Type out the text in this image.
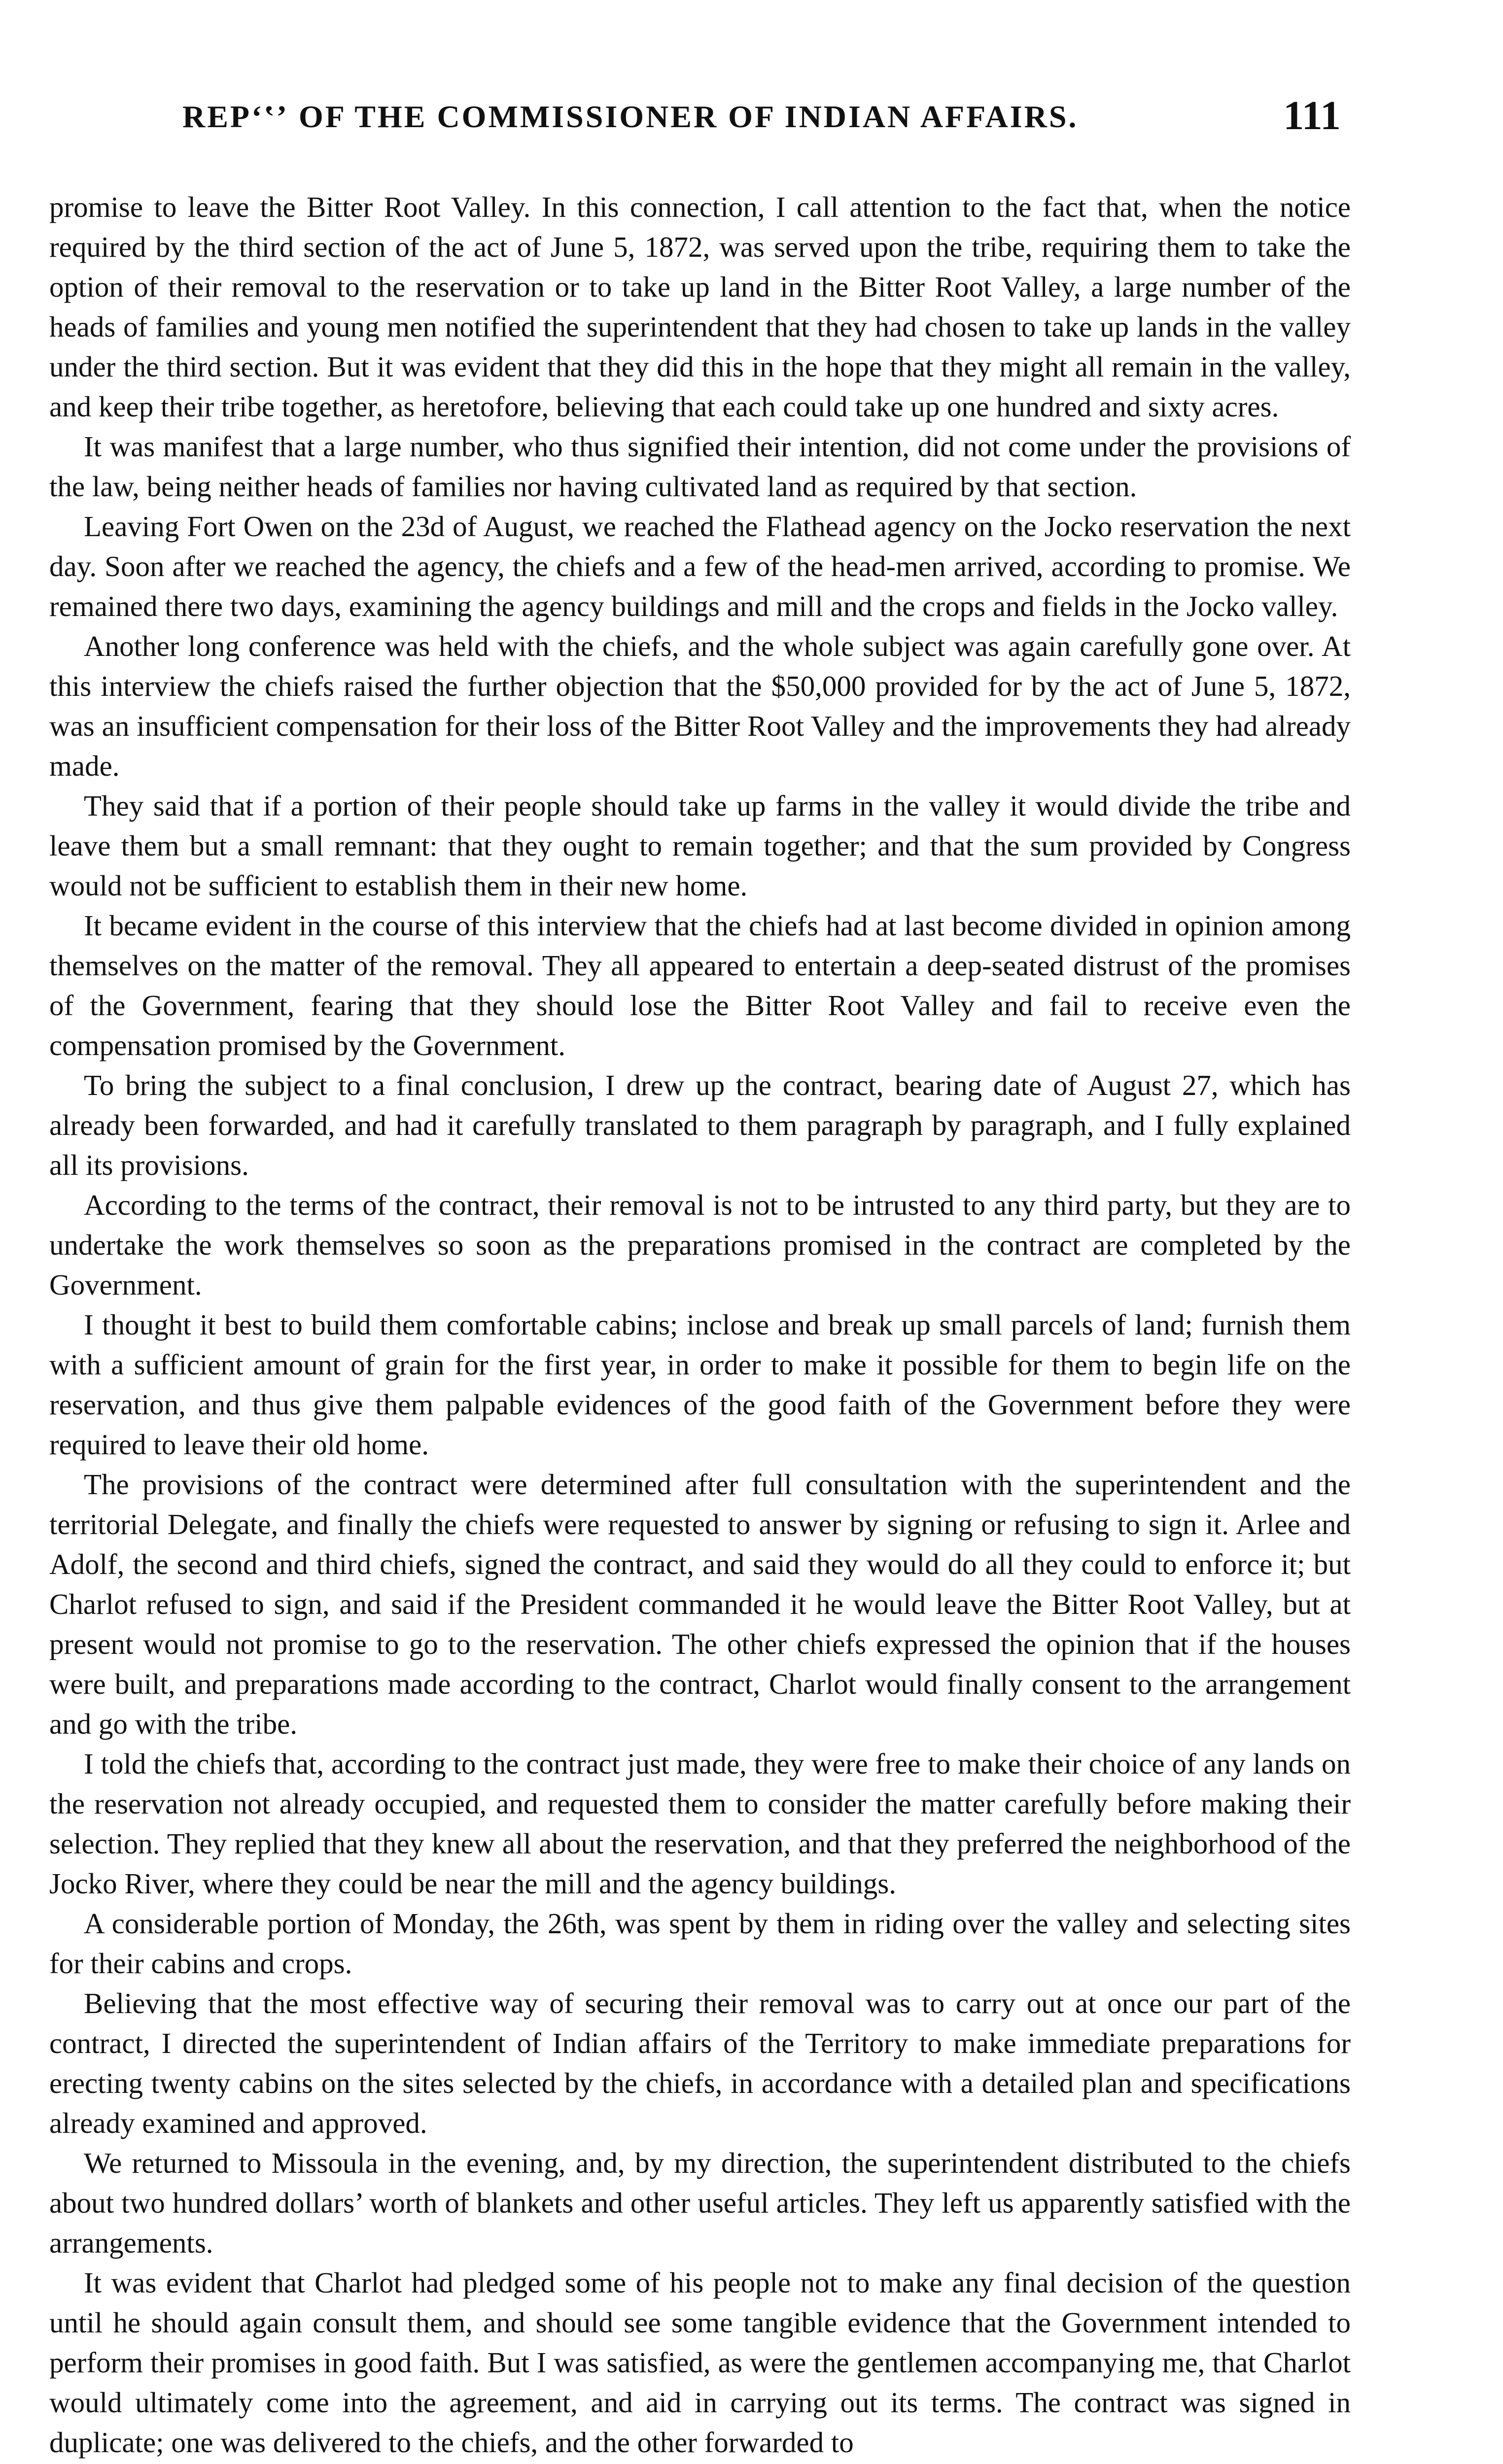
REPʻʽʼ OF THE COMMISSIONER OF INDIAN AFFAIRS.	111

promise to leave the Bitter Root Valley. In this connection, I call attention to the fact that, when the notice required by the third section of the act of June 5, 1872, was served upon the tribe, requiring them to take the option of their removal to the reservation or to take up land in the Bitter Root Valley, a large number of the heads of families and young men notified the superintendent that they had chosen to take up lands in the valley under the third section. But it was evident that they did this in the hope that they might all remain in the valley, and keep their tribe together, as heretofore, believing that each could take up one hundred and sixty acres.

It was manifest that a large number, who thus signified their intention, did not come under the provisions of the law, being neither heads of families nor having cultivated land as required by that section.

Leaving Fort Owen on the 23d of August, we reached the Flathead agency on the Jocko reservation the next day. Soon after we reached the agency, the chiefs and a few of the head-men arrived, according to promise. We remained there two days, examining the agency buildings and mill and the crops and fields in the Jocko valley.

Another long conference was held with the chiefs, and the whole subject was again carefully gone over. At this interview the chiefs raised the further objection that the $50,000 provided for by the act of June 5, 1872, was an insufficient compensation for their loss of the Bitter Root Valley and the improvements they had already made.

They said that if a portion of their people should take up farms in the valley it would divide the tribe and leave them but a small remnant: that they ought to remain together; and that the sum provided by Congress would not be sufficient to establish them in their new home.

It became evident in the course of this interview that the chiefs had at last become divided in opinion among themselves on the matter of the removal. They all appeared to entertain a deep-seated distrust of the promises of the Government, fearing that they should lose the Bitter Root Valley and fail to receive even the compensation promised by the Government.

To bring the subject to a final conclusion, I drew up the contract, bearing date of August 27, which has already been forwarded, and had it carefully translated to them paragraph by paragraph, and I fully explained all its provisions.

According to the terms of the contract, their removal is not to be intrusted to any third party, but they are to undertake the work themselves so soon as the preparations promised in the contract are completed by the Government.

I thought it best to build them comfortable cabins; inclose and break up small parcels of land; furnish them with a sufficient amount of grain for the first year, in order to make it possible for them to begin life on the reservation, and thus give them palpable evidences of the good faith of the Government before they were required to leave their old home.

The provisions of the contract were determined after full consultation with the superintendent and the territorial Delegate, and finally the chiefs were requested to answer by signing or refusing to sign it. Arlee and Adolf, the second and third chiefs, signed the contract, and said they would do all they could to enforce it; but Charlot refused to sign, and said if the President commanded it he would leave the Bitter Root Valley, but at present would not promise to go to the reservation. The other chiefs expressed the opinion that if the houses were built, and preparations made according to the contract, Charlot would finally consent to the arrangement and go with the tribe.

I told the chiefs that, according to the contract just made, they were free to make their choice of any lands on the reservation not already occupied, and requested them to consider the matter carefully before making their selection. They replied that they knew all about the reservation, and that they preferred the neighborhood of the Jocko River, where they could be near the mill and the agency buildings.

A considerable portion of Monday, the 26th, was spent by them in riding over the valley and selecting sites for their cabins and crops.

Believing that the most effective way of securing their removal was to carry out at once our part of the contract, I directed the superintendent of Indian affairs of the Territory to make immediate preparations for erecting twenty cabins on the sites selected by the chiefs, in accordance with a detailed plan and specifications already examined and approved.

We returned to Missoula in the evening, and, by my direction, the superintendent distributed to the chiefs about two hundred dollars’ worth of blankets and other useful articles. They left us apparently satisfied with the arrangements.

It was evident that Charlot had pledged some of his people not to make any final decision of the question until he should again consult them, and should see some tangible evidence that the Government intended to perform their promises in good faith. But I was satisfied, as were the gentlemen accompanying me, that Charlot would ultimately come into the agreement, and aid in carrying out its terms. The contract was signed in duplicate; one was delivered to the chiefs, and the other forwarded to
